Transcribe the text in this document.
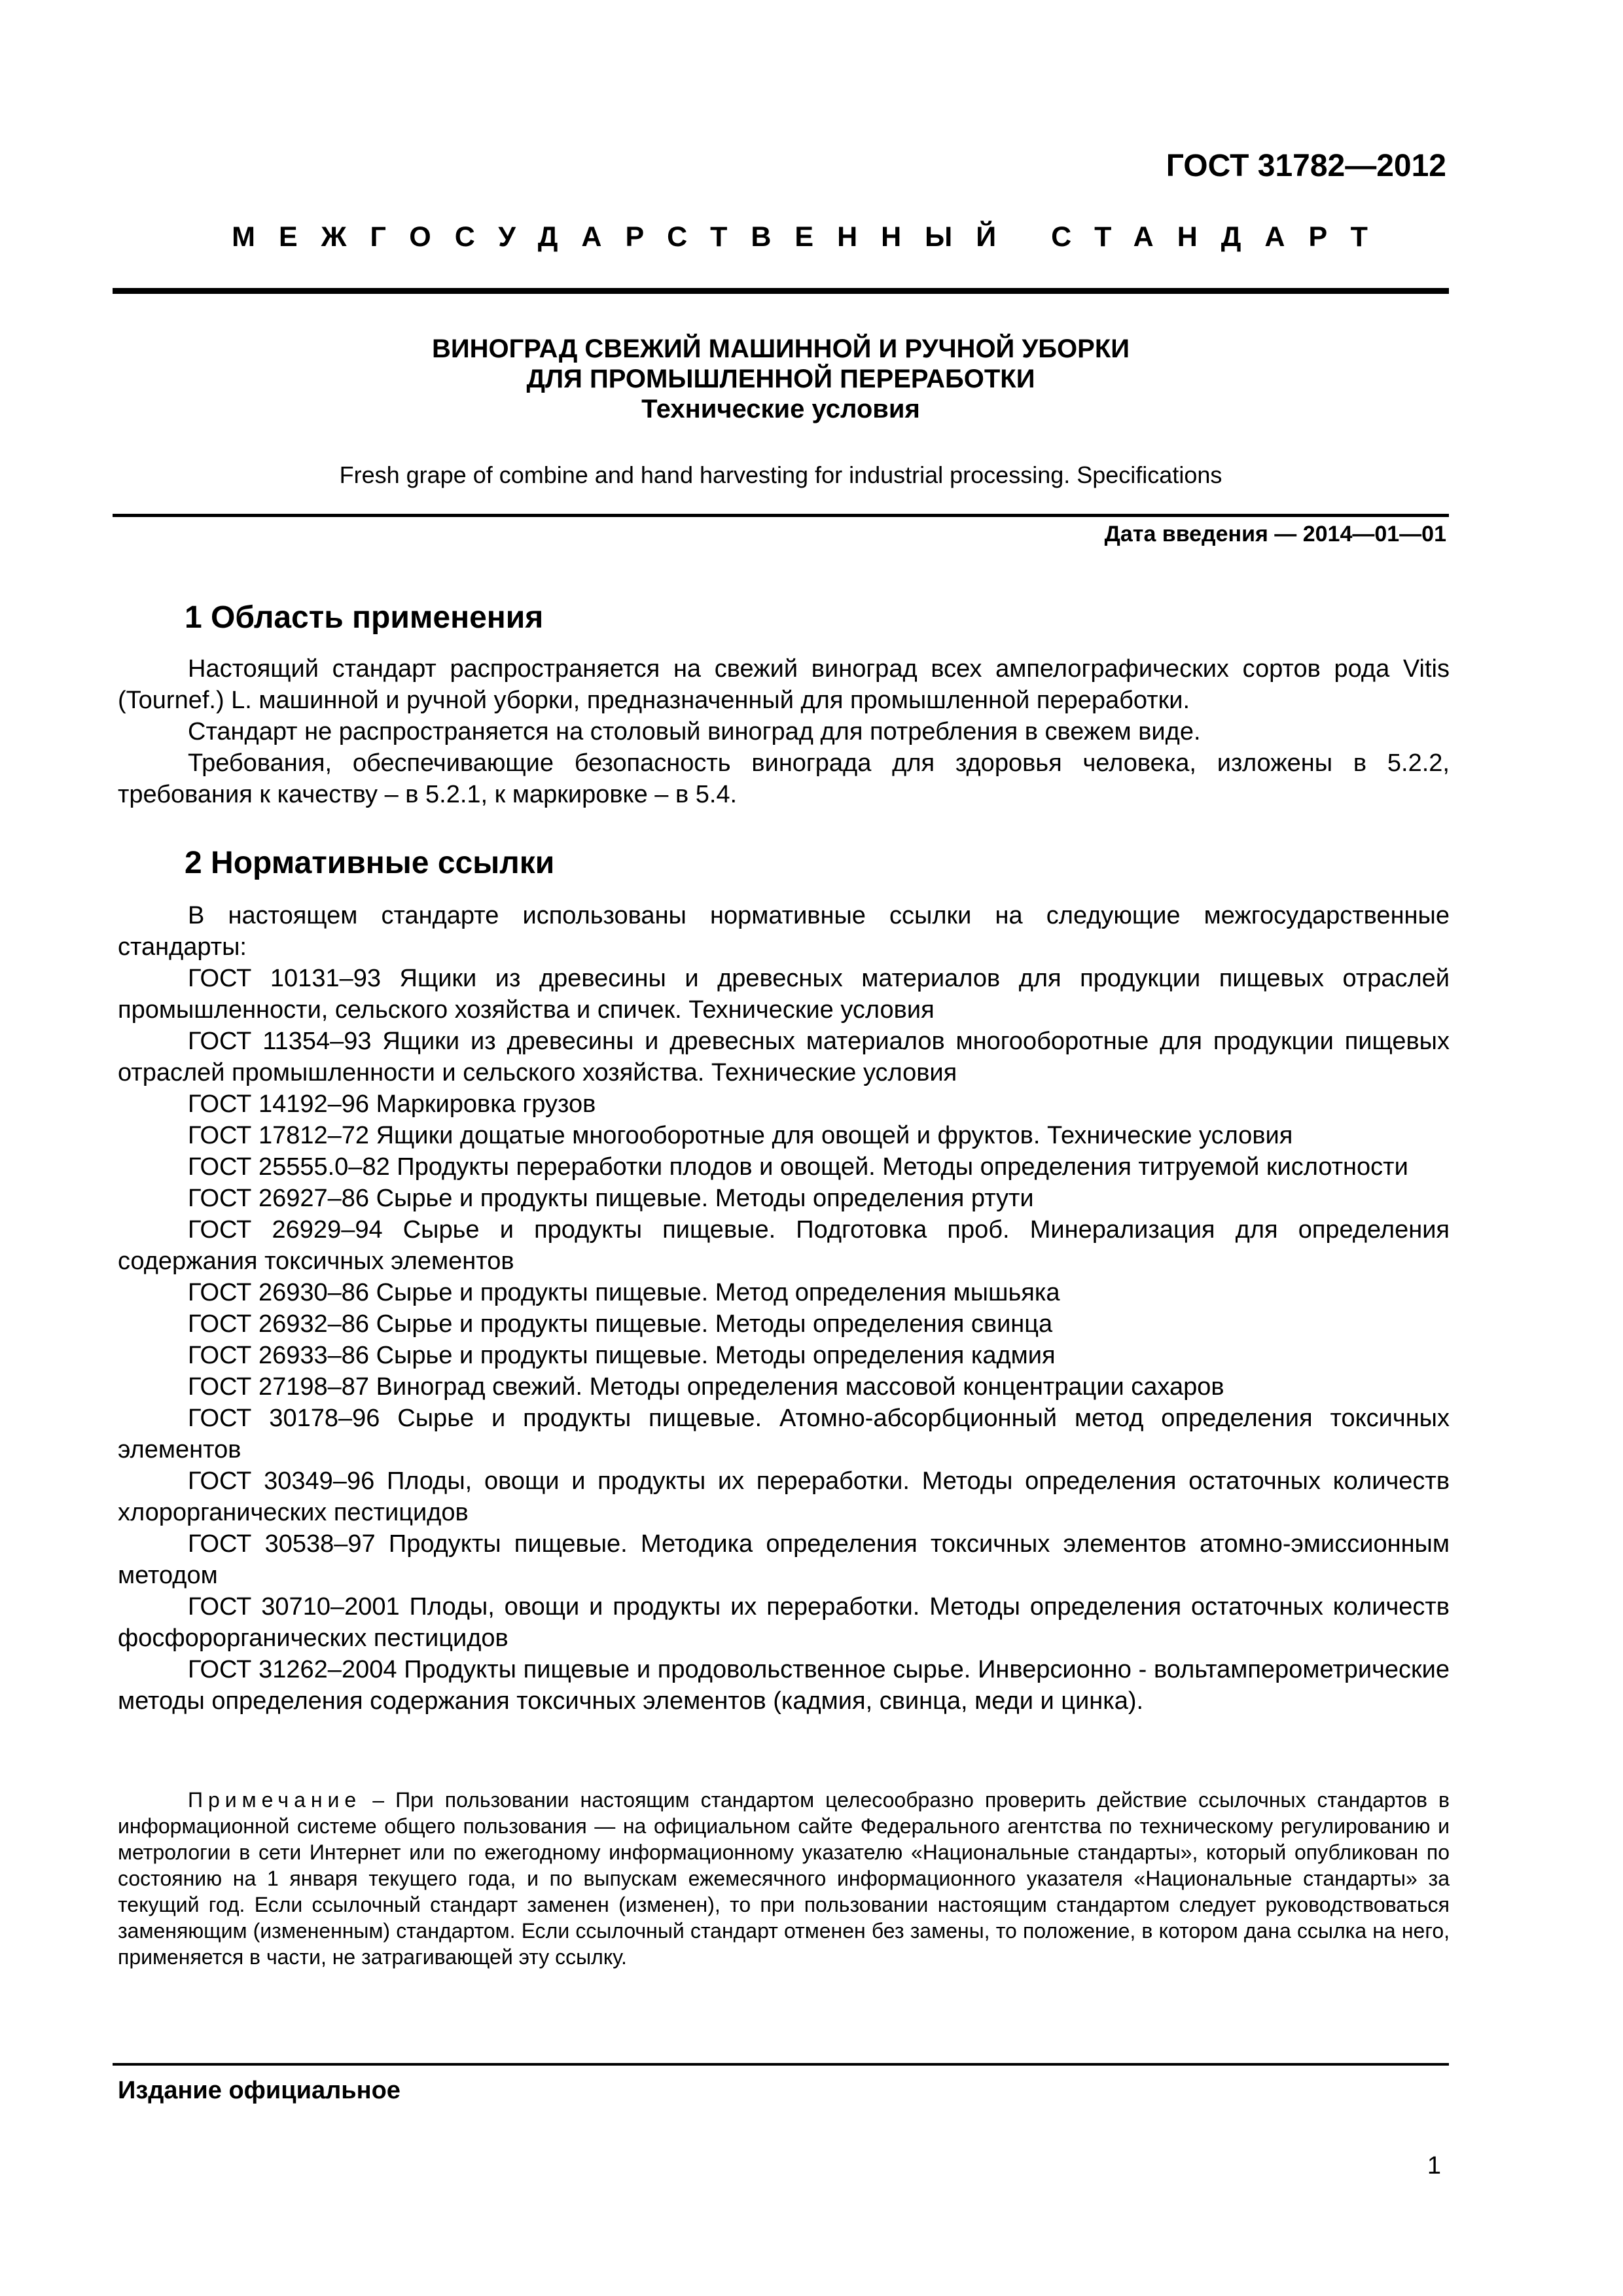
ГОСТ 31782—2012
МЕЖГОСУДАРСТВЕННЫЙ СТАНДАРТ
ВИНОГРАД СВЕЖИЙ МАШИННОЙ И РУЧНОЙ УБОРКИ
ДЛЯ ПРОМЫШЛЕННОЙ ПЕРЕРАБОТКИ
Технические условия
Fresh grape of combine and hand harvesting for industrial processing. Specifications
Дата введения — 2014—01—01
1 Область применения

Настоящий стандарт распространяется на свежий виноград всех ампелографических сортов рода Vitis (Tournef.) L. машинной и ручной уборки, предназначенный для промышленной переработки.

Стандарт не распространяется на столовый виноград для потребления в свежем виде.

Требования, обеспечивающие безопасность винограда для здоровья человека, изложены в 5.2.2, требования к качеству – в 5.2.1, к маркировке – в 5.4.

2 Нормативные ссылки

В настоящем стандарте использованы нормативные ссылки на следующие межгосударственные стандарты:

ГОСТ 10131–93 Ящики из древесины и древесных материалов для продукции пищевых отраслей промышленности, сельского хозяйства и спичек. Технические условия

ГОСТ 11354–93 Ящики из древесины и древесных материалов многооборотные для продукции пищевых отраслей промышленности и сельского хозяйства. Технические условия

ГОСТ 14192–96 Маркировка грузов

ГОСТ 17812–72 Ящики дощатые многооборотные для овощей и фруктов. Технические условия

ГОСТ 25555.0–82 Продукты переработки плодов и овощей. Методы определения титруемой кислотности

ГОСТ 26927–86 Сырье и продукты пищевые. Методы определения ртути

ГОСТ 26929–94 Сырье и продукты пищевые. Подготовка проб. Минерализация для определения содержания токсичных элементов

ГОСТ 26930–86 Сырье и продукты пищевые. Метод определения мышьяка

ГОСТ 26932–86 Сырье и продукты пищевые. Методы определения свинца

ГОСТ 26933–86 Сырье и продукты пищевые. Методы определения кадмия

ГОСТ 27198–87 Виноград свежий. Методы определения массовой концентрации сахаров

ГОСТ 30178–96 Сырье и продукты пищевые. Атомно-абсорбционный метод определения токсичных элементов

ГОСТ 30349–96 Плоды, овощи и продукты их переработки. Методы определения остаточных количеств хлорорганических пестицидов

ГОСТ 30538–97 Продукты пищевые. Методика определения токсичных элементов атомно-эмиссионным методом

ГОСТ 30710–2001 Плоды, овощи и продукты их переработки. Методы определения остаточных количеств фосфорорганических пестицидов

ГОСТ 31262–2004 Продукты пищевые и продовольственное сырье. Инверсионно - вольтамперометрические методы определения содержания токсичных элементов (кадмия, свинца, меди и цинка).

Примечание – При пользовании настоящим стандартом целесообразно проверить действие ссылочных стандартов в информационной системе общего пользования — на официальном сайте Федерального агентства по техническому регулированию и метрологии в сети Интернет или по ежегодному информационному указателю «Национальные стандарты», который опубликован по состоянию на 1 января текущего года, и по выпускам ежемесячного информационного указателя «Национальные стандарты» за текущий год. Если ссылочный стандарт заменен (изменен), то при пользовании настоящим стандартом следует руководствоваться заменяющим (измененным) стандартом. Если ссылочный стандарт отменен без замены, то положение, в котором дана ссылка на него, применяется в части, не затрагивающей эту ссылку.

Издание официальное
1
